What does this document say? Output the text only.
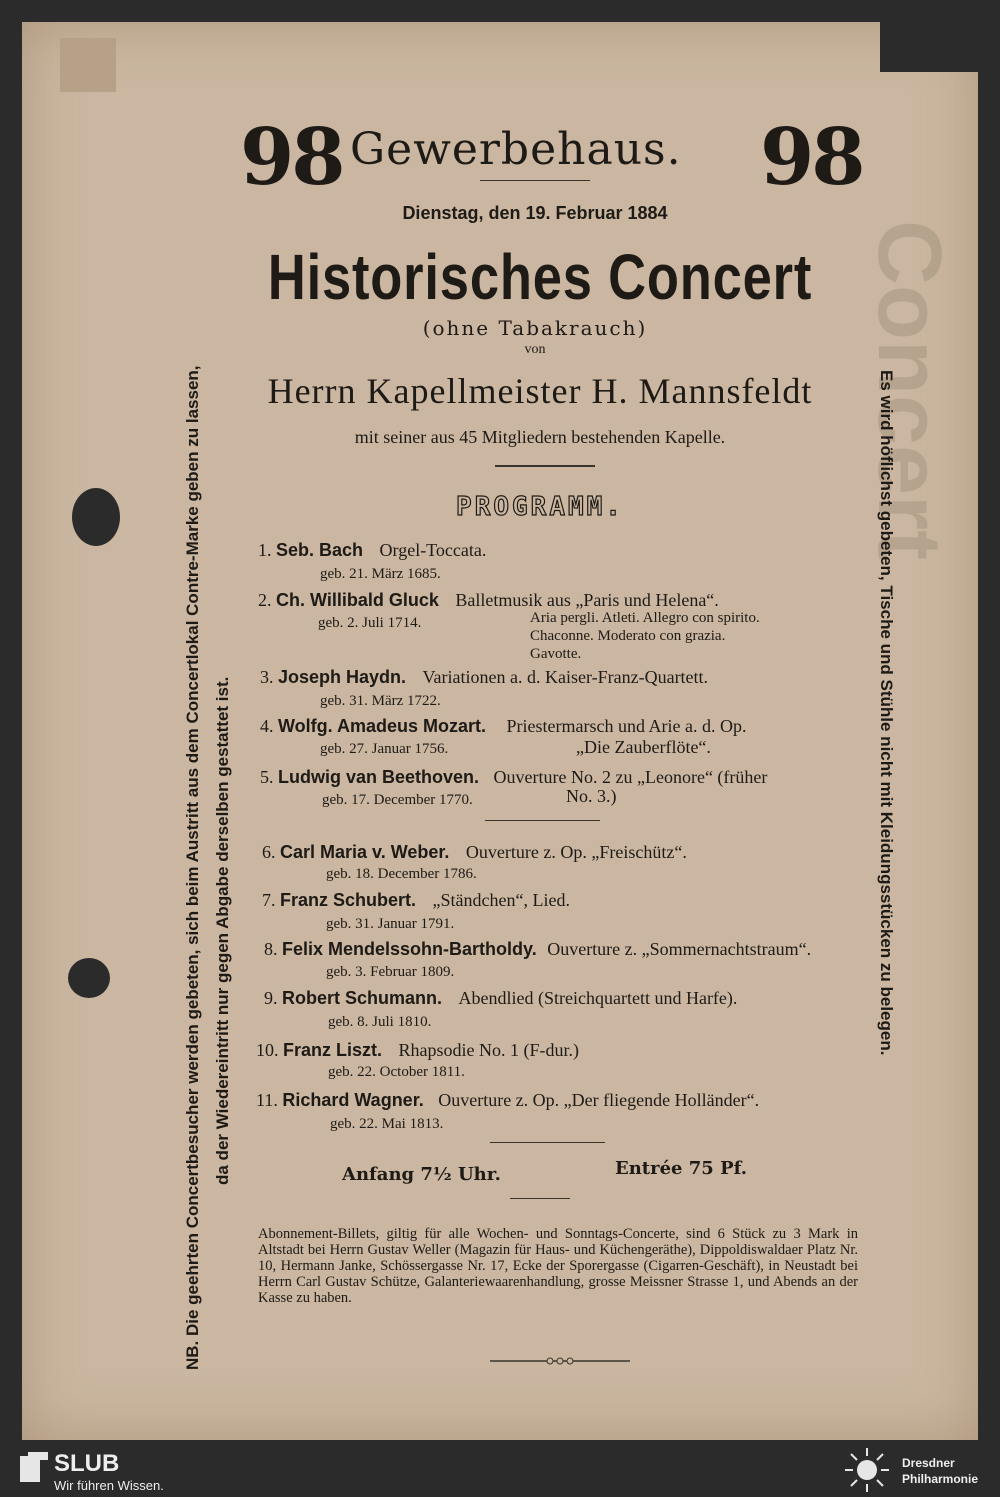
Concert
98 Gewerbehaus. 98
Dienstag, den 19. Februar 1884
Historisches Concert
(ohne Tabakrauch)
von
Herrn Kapellmeister H. Mannsfeldt
mit seiner aus 45 Mitgliedern bestehenden Kapelle.
PROGRAMM.
1. Seb. Bach Orgel-Toccata.
geb. 21. März 1685.
2. Ch. Willibald Gluck Balletmusik aus „Paris und Helena“.
geb. 2. Juli 1714.	Aria pergli. Atleti. Allegro con spirito.
Chaconne. Moderato con grazia.
Gavotte.
3. Joseph Haydn. Variationen a. d. Kaiser-Franz-Quartett.
geb. 31. März 1722.
4. Wolfg. Amadeus Mozart. Priestermarsch und Arie a. d. Op.
geb. 27. Januar 1756.	„Die Zauberflöte“.
5. Ludwig van Beethoven. Ouverture No. 2 zu „Leonore“ (früher
geb. 17. December 1770.	No. 3.)
6. Carl Maria v. Weber. Ouverture z. Op. „Freischütz“.
geb. 18. December 1786.
7. Franz Schubert. „Ständchen“, Lied.
geb. 31. Januar 1791.
8. Felix Mendelssohn-Bartholdy. Ouverture z. „Sommernachtstraum“.
geb. 3. Februar 1809.
9. Robert Schumann. Abendlied (Streichquartett und Harfe).
geb. 8. Juli 1810.
10. Franz Liszt. Rhapsodie No. 1 (F-dur.)
geb. 22. October 1811.
11. Richard Wagner. Ouverture z. Op. „Der fliegende Holländer“.
geb. 22. Mai 1813.
Anfang 7½ Uhr.	Entrée 75 Pf.
Abonnement-Billets, giltig für alle Wochen- und Sonntags-Concerte, sind 6 Stück zu 3 Mark in Altstadt bei Herrn Gustav Weller (Magazin für Haus- und Küchengeräthe), Dippoldiswaldaer Platz Nr. 10, Hermann Janke, Schössergasse Nr. 17, Ecke der Sporergasse (Cigarren-Geschäft), in Neustadt bei Herrn Carl Gustav Schütze, Galanteriewaarenhandlung, grosse Meissner Strasse 1, und Abends an der Kasse zu haben.
NB. Die geehrten Concertbesucher werden gebeten, sich beim Austritt aus dem Concertlokal Contre-Marke geben zu lassen, da der Wiedereintritt nur gegen Abgabe derselben gestattet ist.	Es wird höflichst gebeten, Tische und Stühle nicht mit Kleidungsstücken zu belegen.
SLUB
Wir führen Wissen.
Dresdner
Philharmonie
